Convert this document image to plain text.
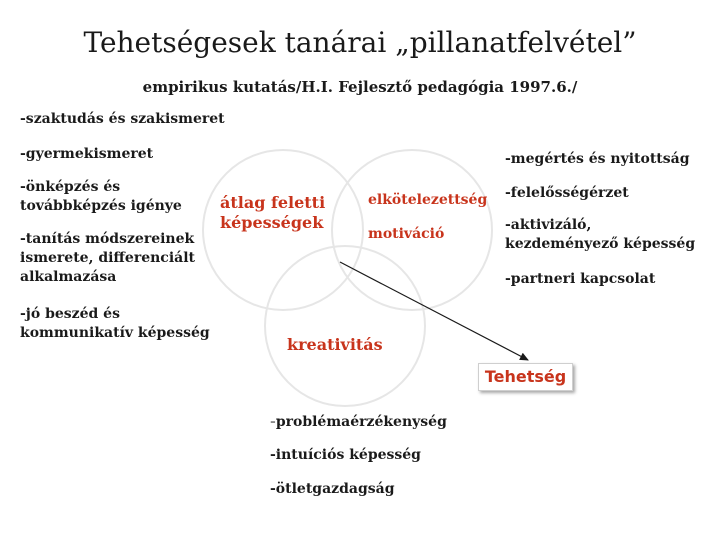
Tehetségesek tanárai „pillanatfelvétel”
empirikus kutatás/H.I. Fejlesztő pedagógia 1997.6./
-szaktudás és szakismeret
-gyermekismeret
-önképzés és
továbbképzés igénye
-tanítás módszereinek
ismerete, differenciált
alkalmazása
-jó beszéd és
kommunikatív képesség
-megértés és nyitottság
-felelősségérzet
-aktivizáló,
kezdeményező képesség
-partneri kapcsolat
átlag feletti
képességek
elkötelezettség
motiváció
kreativitás
Tehetség
-problémaérzékenység
-intuíciós képesség
-ötletgazdagság
